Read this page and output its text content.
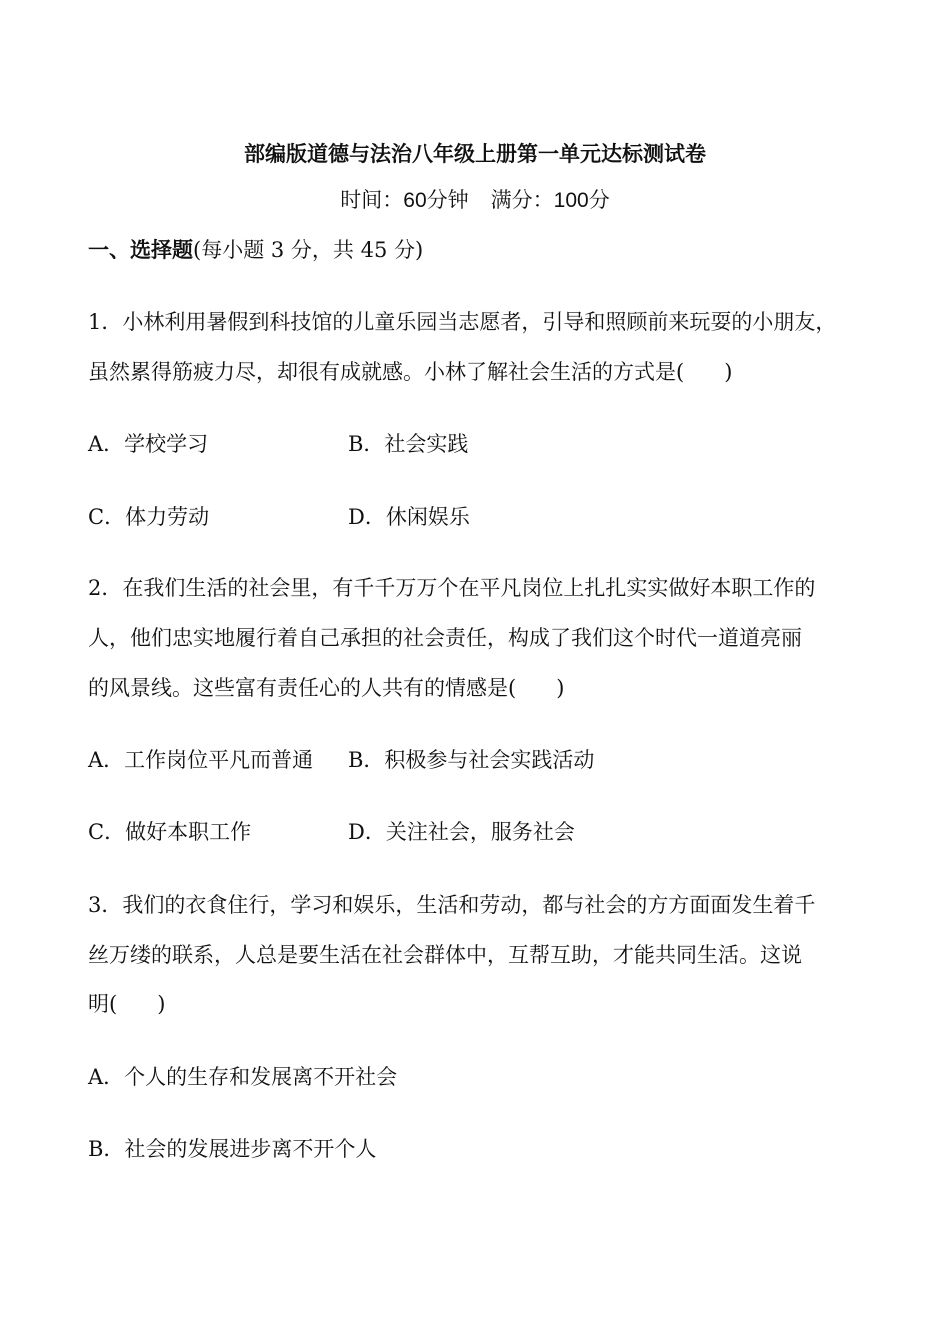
部编版道德与法治八年级上册第一单元达标测试卷
时间：60分钟 满分：100分
一、选择题(每小题 3 分，共 45 分)
1．小林利用暑假到科技馆的儿童乐园当志愿者，引导和照顾前来玩耍的小朋友，
虽然累得筋疲力尽，却很有成就感。小林了解社会生活的方式是( )
A．学校学习	B．社会实践
C．体力劳动	D．休闲娱乐
2．在我们生活的社会里，有千千万万个在平凡岗位上扎扎实实做好本职工作的
人，他们忠实地履行着自己承担的社会责任，构成了我们这个时代一道道亮丽
的风景线。这些富有责任心的人共有的情感是( )
A．工作岗位平凡而普通 B．积极参与社会实践活动
C．做好本职工作	D．关注社会，服务社会
3．我们的衣食住行，学习和娱乐，生活和劳动，都与社会的方方面面发生着千
丝万缕的联系，人总是要生活在社会群体中，互帮互助，才能共同生活。这说
明( )
A．个人的生存和发展离不开社会
B．社会的发展进步离不开个人
